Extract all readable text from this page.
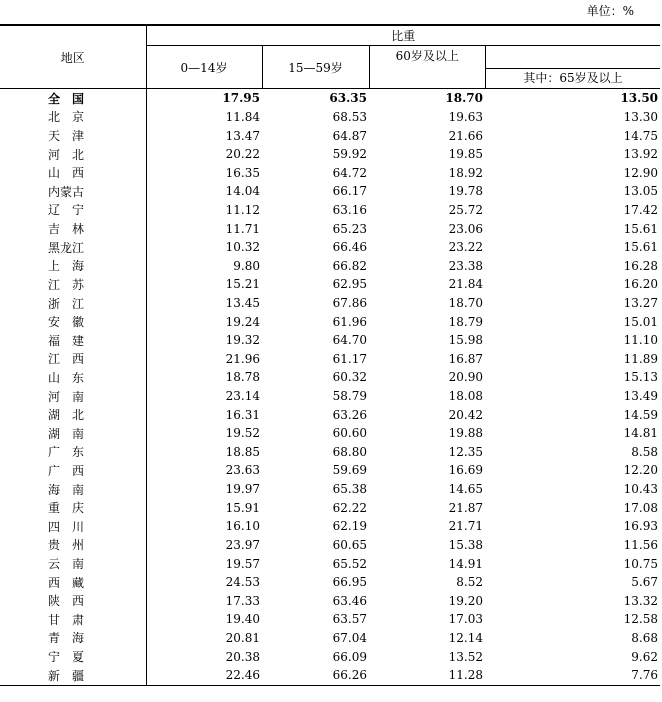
单位：%
地区	比重			
	0—14岁	15—59岁	60岁及以上
其中：65岁及以上	

全　国	17.95	63.35	18.70	13.50
北　京	11.84	68.53	19.63	13.30
天　津	13.47	64.87	21.66	14.75
河　北	20.22	59.92	19.85	13.92
山　西	16.35	64.72	18.92	12.90
内蒙古	14.04	66.17	19.78	13.05
辽　宁	11.12	63.16	25.72	17.42
吉　林	11.71	65.23	23.06	15.61
黑龙江	10.32	66.46	23.22	15.61
上　海	9.80	66.82	23.38	16.28
江　苏	15.21	62.95	21.84	16.20
浙　江	13.45	67.86	18.70	13.27
安　徽	19.24	61.96	18.79	15.01
福　建	19.32	64.70	15.98	11.10
江　西	21.96	61.17	16.87	11.89
山　东	18.78	60.32	20.90	15.13
河　南	23.14	58.79	18.08	13.49
湖　北	16.31	63.26	20.42	14.59
湖　南	19.52	60.60	19.88	14.81
广　东	18.85	68.80	12.35	8.58
广　西	23.63	59.69	16.69	12.20
海　南	19.97	65.38	14.65	10.43
重　庆	15.91	62.22	21.87	17.08
四　川	16.10	62.19	21.71	16.93
贵　州	23.97	60.65	15.38	11.56
云　南	19.57	65.52	14.91	10.75
西　藏	24.53	66.95	8.52	5.67
陕　西	17.33	63.46	19.20	13.32
甘　肃	19.40	63.57	17.03	12.58
青　海	20.81	67.04	12.14	8.68
宁　夏	20.38	66.09	13.52	9.62
新　疆	22.46	66.26	11.28	7.76
